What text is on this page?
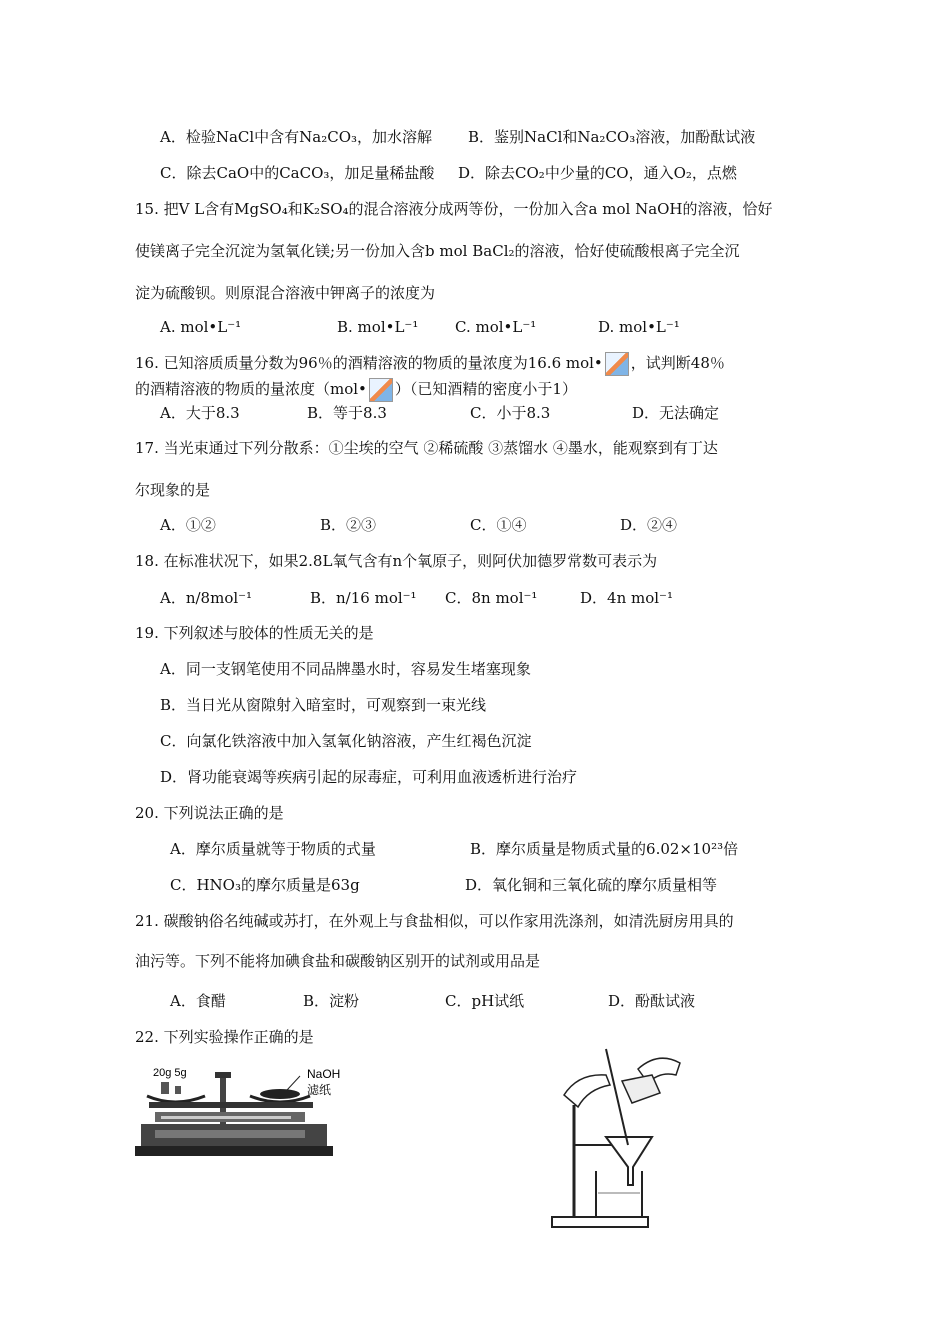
A．检验NaCl中含有Na₂CO₃，加水溶解 B．鉴别NaCl和Na₂CO₃溶液，加酚酞试液
C．除去CaO中的CaCO₃，加足量稀盐酸 D．除去CO₂中少量的CO，通入O₂，点燃
15. 把V L含有MgSO₄和K₂SO₄的混合溶液分成两等份，一份加入含a mol NaOH的溶液，恰好
使镁离子完全沉淀为氢氧化镁;另一份加入含b mol BaCl₂的溶液，恰好使硫酸根离子完全沉
淀为硫酸钡。则原混合溶液中钾离子的浓度为
A. mol•L⁻¹	B. mol•L⁻¹ C. mol•L⁻¹	D. mol•L⁻¹
16. 已知溶质质量分数为96％的酒精溶液的物质的量浓度为16.6 mol• ，试判断48％
的酒精溶液的物质的量浓度（mol• ）（已知酒精的密度小于1）
A．大于8.3	B．等于8.3	C．小于8.3	D．无法确定
17. 当光束通过下列分散系：①尘埃的空气 ②稀硫酸 ③蒸馏水 ④墨水，能观察到有丁达
尔现象的是
A．①②	B．②③	C．①④	D．②④
18. 在标准状况下，如果2.8L氧气含有n个氧原子，则阿伏加德罗常数可表示为
A．n/8mol⁻¹	B．n/16 mol⁻¹ C．8n mol⁻¹	D．4n mol⁻¹
19. 下列叙述与胶体的性质无关的是
A．同一支钢笔使用不同品牌墨水时，容易发生堵塞现象
B．当日光从窗隙射入暗室时，可观察到一束光线
C．向氯化铁溶液中加入氢氧化钠溶液，产生红褐色沉淀
D．肾功能衰竭等疾病引起的尿毒症，可利用血液透析进行治疗
20. 下列说法正确的是
A．摩尔质量就等于物质的式量	B．摩尔质量是物质式量的6.02×10²³倍
C．HNO₃的摩尔质量是63g	D．氧化铜和三氧化硫的摩尔质量相等
21. 碳酸钠俗名纯碱或苏打，在外观上与食盐相似，可以作家用洗涤剂，如清洗厨房用具的
油污等。下列不能将加碘食盐和碳酸钠区别开的试剂或用品是
A．食醋	B．淀粉	C．pH试纸	D．酚酞试液
22. 下列实验操作正确的是
20g 5g	NaOH
滤纸
